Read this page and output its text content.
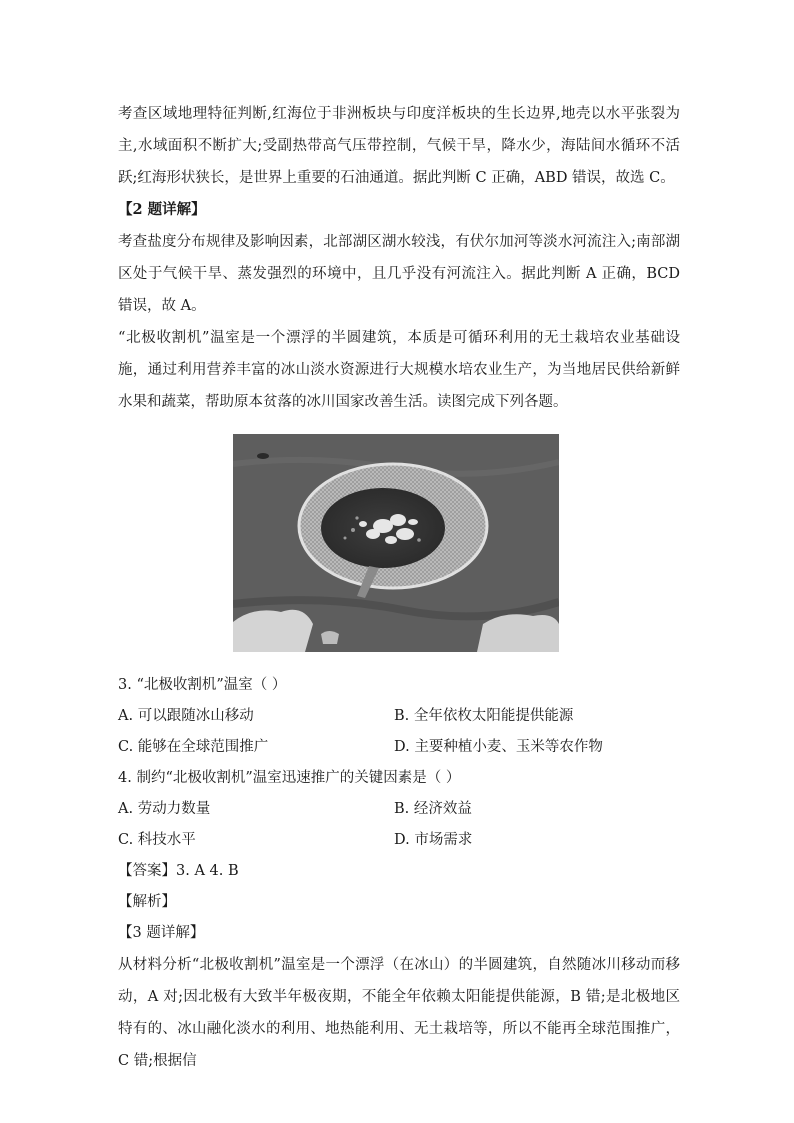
考查区域地理特征判断,红海位于非洲板块与印度洋板块的生长边界,地壳以水平张裂为主,水域面积不断扩大;受副热带高气压带控制，气候干旱，降水少，海陆间水循环不活跃;红海形状狭长，是世界上重要的石油通道。据此判断 C 正确，ABD 错误，故选 C。

【2 题详解】

考查盐度分布规律及影响因素，北部湖区湖水较浅，有伏尔加河等淡水河流注入;南部湖区处于气候干旱、蒸发强烈的环境中，且几乎没有河流注入。据此判断 A 正确，BCD 错误，故 A。

“北极收割机”温室是一个漂浮的半圆建筑，本质是可循环利用的无土栽培农业基础设施，通过利用营养丰富的冰山淡水资源进行大规模水培农业生产，为当地居民供给新鲜水果和蔬菜，帮助原本贫落的冰川国家改善生活。读图完成下列各题。

3. “北极收割机”温室（ ）

A. 可以跟随冰山移动	B. 全年依枚太阳能提供能源
C. 能够在全球范围推广	D. 主要种植小麦、玉米等农作物

4. 制约“北极收割机”温室迅速推广的关键因素是（ ）

A. 劳动力数量	B. 经济效益
C. 科技水平	D. 市场需求

【答案】3. A 4. B

【解析】

【3 题详解】

从材料分析“北极收割机”温室是一个漂浮（在冰山）的半圆建筑，自然随冰川移动而移动，A 对;因北极有大致半年极夜期，不能全年依赖太阳能提供能源，B 错;是北极地区特有的、冰山融化淡水的利用、地热能利用、无土栽培等，所以不能再全球范围推广，C 错;根据信
